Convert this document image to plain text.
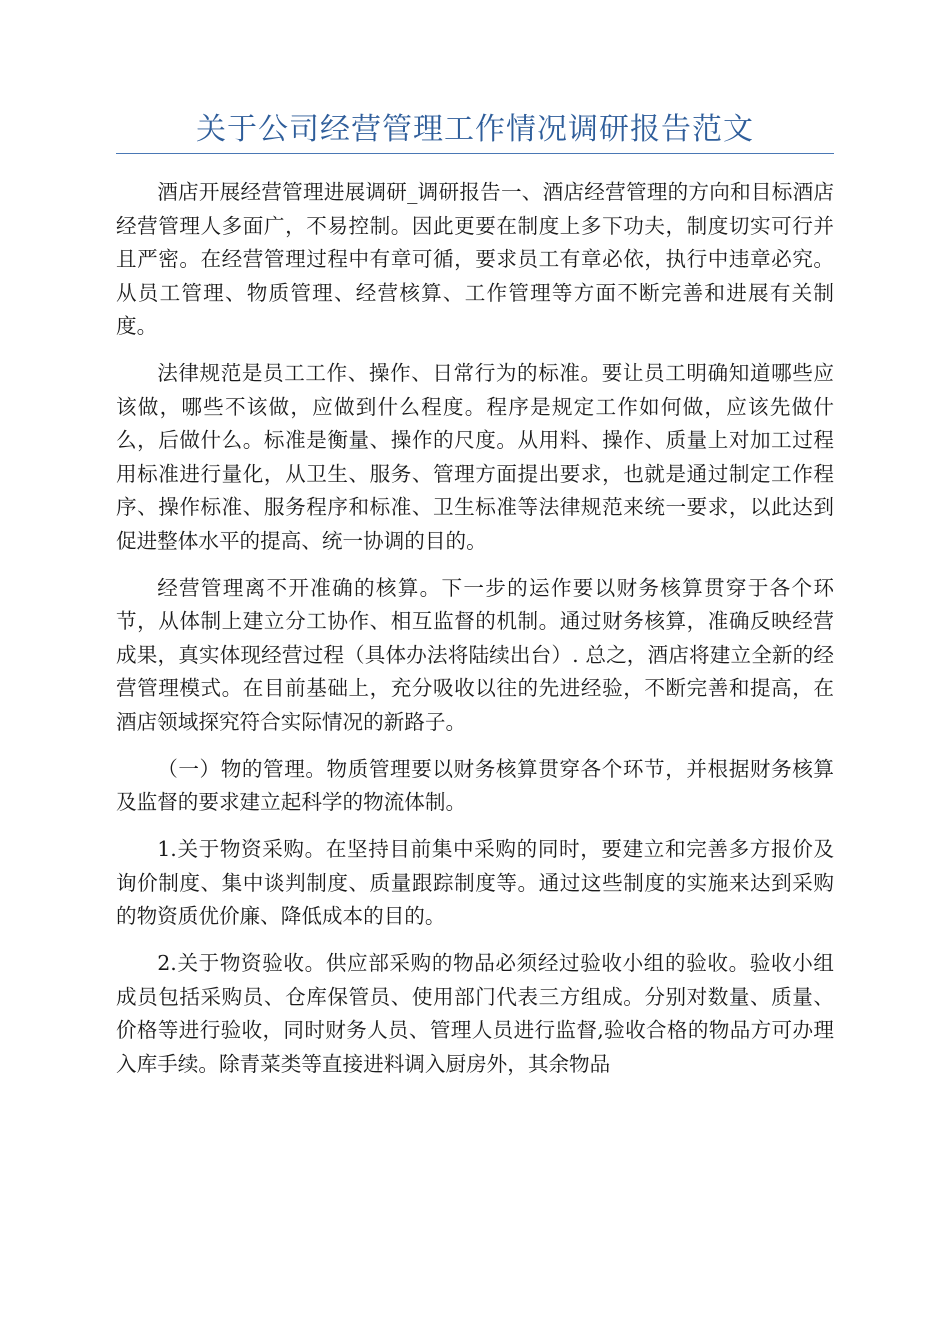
关于公司经营管理工作情况调研报告范文

酒店开展经营管理进展调研_调研报告一、酒店经营管理的方向和目标酒店经营管理人多面广，不易控制。因此更要在制度上多下功夫，制度切实可行并且严密。在经营管理过程中有章可循，要求员工有章必依，执行中违章必究。从员工管理、物质管理、经营核算、工作管理等方面不断完善和进展有关制度。

法律规范是员工工作、操作、日常行为的标准。要让员工明确知道哪些应该做，哪些不该做，应做到什么程度。程序是规定工作如何做，应该先做什么，后做什么。标准是衡量、操作的尺度。从用料、操作、质量上对加工过程用标准进行量化，从卫生、服务、管理方面提出要求，也就是通过制定工作程序、操作标准、服务程序和标准、卫生标准等法律规范来统一要求，以此达到促进整体水平的提高、统一协调的目的。

经营管理离不开准确的核算。下一步的运作要以财务核算贯穿于各个环节，从体制上建立分工协作、相互监督的机制。通过财务核算，准确反映经营成果，真实体现经营过程（具体办法将陆续出台）. 总之，酒店将建立全新的经营管理模式。在目前基础上，充分吸收以往的先进经验，不断完善和提高，在酒店领域探究符合实际情况的新路子。

（一）物的管理。物质管理要以财务核算贯穿各个环节，并根据财务核算及监督的要求建立起科学的物流体制。

1.关于物资采购。在坚持目前集中采购的同时，要建立和完善多方报价及询价制度、集中谈判制度、质量跟踪制度等。通过这些制度的实施来达到采购的物资质优价廉、降低成本的目的。

2.关于物资验收。供应部采购的物品必须经过验收小组的验收。验收小组成员包括采购员、仓库保管员、使用部门代表三方组成。分别对数量、质量、价格等进行验收，同时财务人员、管理人员进行监督,验收合格的物品方可办理入库手续。除青菜类等直接进料调入厨房外，其余物品
